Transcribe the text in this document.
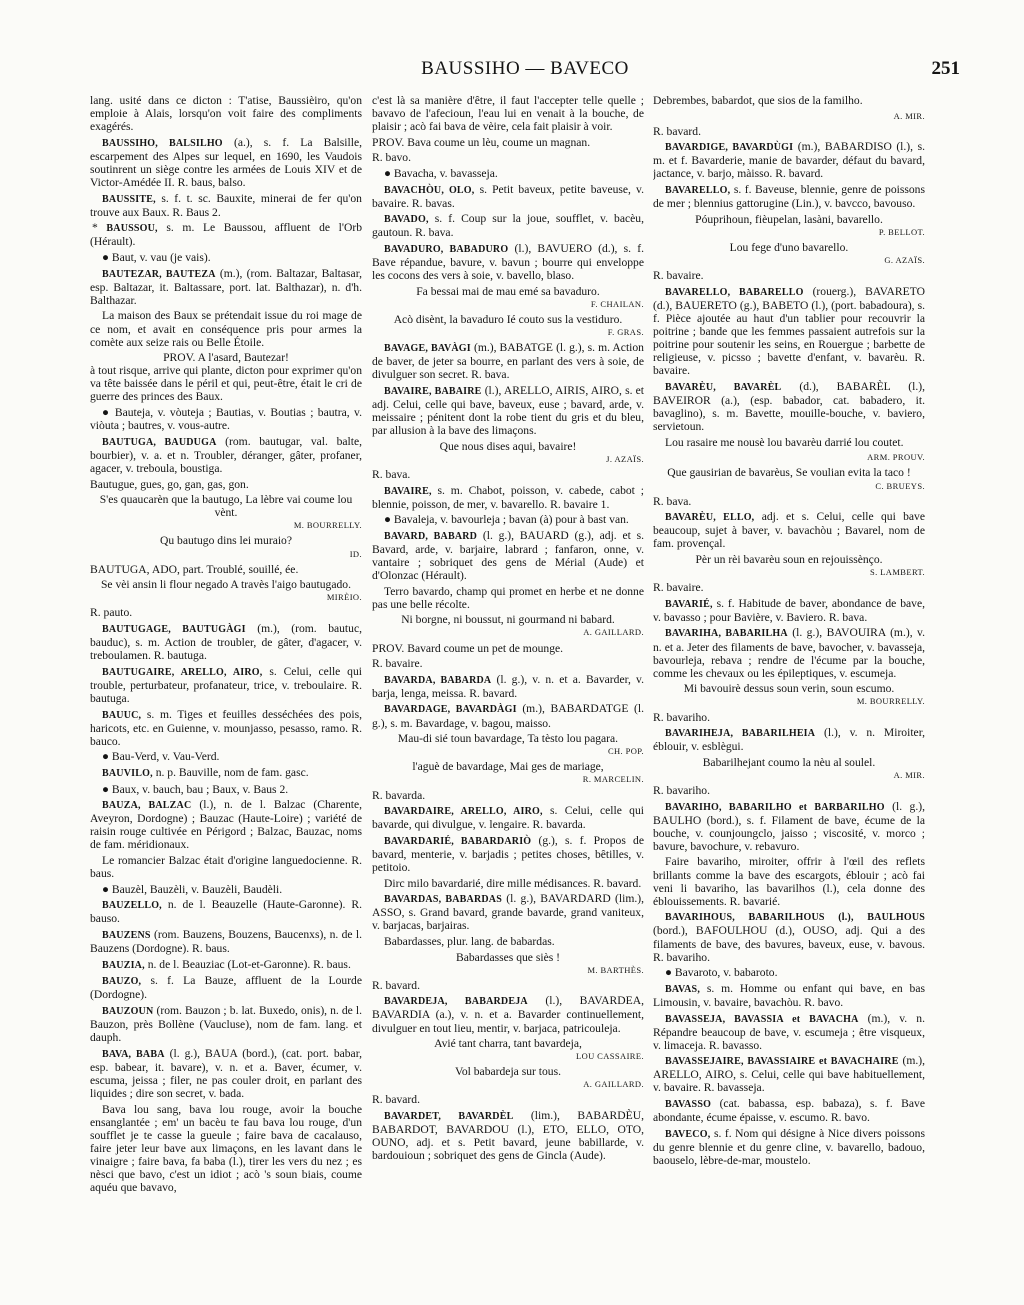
BAUSSIHO — BAVECO	251

lang. usité dans ce dicton : T'atise, Baussièiro, qu'on emploie à Alais, lorsqu'on voit faire des compliments exagérés.

BAUSSIHO, BALSILHO (a.), s. f. La Balsille, escarpement des Alpes sur lequel, en 1690, les Vaudois soutinrent un siège contre les armées de Louis XIV et de Victor-Amédée II. R. baus, balso.

BAUSSITE, s. f. t. sc. Bauxite, minerai de fer qu'on trouve aux Baux. R. Baus 2.

* BAUSSOU, s. m. Le Baussou, affluent de l'Orb (Hérault).

● Baut, v. vau (je vais).

BAUTEZAR, BAUTEZA (m.), (rom. Baltazar, Baltasar, esp. Baltazar, it. Baltassare, port. lat. Balthazar), n. d'h. Balthazar.

La maison des Baux se prétendait issue du roi mage de ce nom, et avait en conséquence pris pour armes la comète aux seize rais ou Belle Étoile.

PROV. A l'asard, Bautezar!

à tout risque, arrive qui plante, dicton pour exprimer qu'on va tête baissée dans le péril et qui, peut-être, était le cri de guerre des princes des Baux.

● Bauteja, v. vòuteja ; Bautias, v. Boutias ; bautra, v. viòuta ; bautres, v. vous-autre.

BAUTUGA, BAUDUGA (rom. bautugar, val. balte, bourbier), v. a. et n. Troubler, déranger, gâter, profaner, agacer, v. treboula, boustiga.

Bautugue, gues, go, gan, gas, gon.

S'es quaucarèn que la bautugo, La lèbre vai coume lou vènt.

M. BOURRELLY.

Qu bautugo dins lei muraio?

ID.

BAUTUGA, ADO, part. Troublé, souillé, ée.

Se vèi ansin li flour negado A travès l'aigo bautugado.

MIRÈIO.

R. pauto.

BAUTUGAGE, BAUTUGÀGI (m.), (rom. bautuc, bauduc), s. m. Action de troubler, de gâter, d'agacer, v. treboulamen. R. bautuga.

BAUTUGAIRE, ARELLO, AIRO, s. Celui, celle qui trouble, perturbateur, profanateur, trice, v. treboulaire. R. bautuga.

BAUUC, s. m. Tiges et feuilles desséchées des pois, haricots, etc. en Guienne, v. mounjasso, pesasso, ramo. R. bauco.

● Bau-Verd, v. Vau-Verd.

BAUVILO, n. p. Bauville, nom de fam. gasc.

● Baux, v. bauch, bau ; Baux, v. Baus 2.

BAUZA, BALZAC (l.), n. de l. Balzac (Charente, Aveyron, Dordogne) ; Bauzac (Haute-Loire) ; variété de raisin rouge cultivée en Périgord ; Balzac, Bauzac, noms de fam. méridionaux.

Le romancier Balzac était d'origine languedocienne. R. baus.

● Bauzèl, Bauzèli, v. Bauzèli, Baudèli.

BAUZELLO, n. de l. Beauzelle (Haute-Garonne). R. bauso.

BAUZENS (rom. Bauzens, Bouzens, Baucenxs), n. de l. Bauzens (Dordogne). R. baus.

BAUZIA, n. de l. Beauziac (Lot-et-Garonne). R. baus.

BAUZO, s. f. La Bauze, affluent de la Lourde (Dordogne).

BAUZOUN (rom. Bauzon ; b. lat. Buxedo, onis), n. de l. Bauzon, près Bollène (Vaucluse), nom de fam. lang. et dauph.

BAVA, BABA (l. g.), BAUA (bord.), (cat. port. babar, esp. babear, it. bavare), v. n. et a. Baver, écumer, v. escuma, jeissa ; filer, ne pas couler droit, en parlant des liquides ; dire son secret, v. bada.

Bava lou sang, bava lou rouge, avoir la bouche ensanglantée ; em' un bacèu te fau bava lou rouge, d'un soufflet je te casse la gueule ; faire bava de cacalauso, faire jeter leur bave aux limaçons, en les lavant dans le vinaigre ; faire bava, fa baba (l.), tirer les vers du nez ; es nèsci que bavo, c'est un idiot ; acò 's soun biais, coume aquéu que bavavo,

c'est là sa manière d'être, il faut l'accepter telle quelle ; bavavo de l'afecioun, l'eau lui en venait à la bouche, de plaisir ; acò fai bava de vèire, cela fait plaisir à voir.

PROV. Bava coume un lèu, coume un magnan.

R. bavo.

● Bavacha, v. bavasseja.

BAVACHÒU, OLO, s. Petit baveux, petite baveuse, v. bavaire. R. bavas.

BAVADO, s. f. Coup sur la joue, soufflet, v. bacèu, gautoun. R. bava.

BAVADURO, BABADURO (l.), BAVUERO (d.), s. f. Bave répandue, bavure, v. bavun ; bourre qui enveloppe les cocons des vers à soie, v. bavello, blaso.

Fa bessai mai de mau emé sa bavaduro.

F. CHAILAN.

Acò disènt, la bavaduro Ié couto sus la vestiduro.

F. GRAS.

BAVAGE, BAVÀGI (m.), BABATGE (l. g.), s. m. Action de baver, de jeter sa bourre, en parlant des vers à soie, de divulguer son secret. R. bava.

BAVAIRE, BABAIRE (l.), ARELLO, AIRIS, AIRO, s. et adj. Celui, celle qui bave, baveux, euse ; bavard, arde, v. meissaire ; pénitent dont la robe tient du gris et du bleu, par allusion à la bave des limaçons.

Que nous dises aqui, bavaire!

J. AZAÏS.

R. bava.

BAVAIRE, s. m. Chabot, poisson, v. cabede, cabot ; blennie, poisson, de mer, v. bavarello. R. bavaire 1.

● Bavaleja, v. bavourleja ; bavan (à) pour à bast van.

BAVARD, BABARD (l. g.), BAUARD (g.), adj. et s. Bavard, arde, v. barjaire, labrard ; fanfaron, onne, v. vantaire ; sobriquet des gens de Mérial (Aude) et d'Olonzac (Hérault).

Terro bavardo, champ qui promet en herbe et ne donne pas une belle récolte.

Ni borgne, ni boussut, ni gourmand ni babard.

A. GAILLARD.

PROV. Bavard coume un pet de mounge.

R. bavaire.

BAVARDA, BABARDA (l. g.), v. n. et a. Bavarder, v. barja, lenga, meissa. R. bavard.

BAVARDAGE, BAVARDÀGI (m.), BABARDATGE (l. g.), s. m. Bavardage, v. bagou, maisso.

Mau-di sié toun bavardage, Ta tèsto lou pagara.

CH. POP.

l'aguè de bavardage, Mai ges de mariage,

R. MARCELIN.

R. bavarda.

BAVARDAIRE, ARELLO, AIRO, s. Celui, celle qui bavarde, qui divulgue, v. lengaire. R. bavarda.

BAVARDARIÉ, BABARDARIÒ (g.), s. f. Propos de bavard, menterie, v. barjadis ; petites choses, bêtilles, v. petitoio.

Dirc milo bavardarié, dire mille médisances. R. bavard.

BAVARDAS, BABARDAS (l. g.), BAVARDARD (lim.), ASSO, s. Grand bavard, grande bavarde, grand vaniteux, v. barjacas, barjairas.

Babardasses, plur. lang. de babardas.

Babardasses que siès !

M. BARTHÈS.

R. bavard.

BAVARDEJA, BABARDEJA (l.), BAVARDEA, BAVARDIA (a.), v. n. et a. Bavarder continuellement, divulguer en tout lieu, mentir, v. barjaca, patricouleja.

Avié tant charra, tant bavardeja,

LOU CASSAIRE.

Vol babardeja sur tous.

A. GAILLARD.

R. bavard.

BAVARDET, BAVARDÈL (lim.), BABARDÈU, BABARDOT, BAVARDOU (l.), ETO, ELLO, OTO, OUNO, adj. et s. Petit bavard, jeune babillarde, v. bardouioun ; sobriquet des gens de Gincla (Aude).

Debrembes, babardot, que sios de la familho.

A. MIR.

R. bavard.

BAVARDIGE, BAVARDÙGI (m.), BABARDISO (l.), s. m. et f. Bavarderie, manie de bavarder, défaut du bavard, jactance, v. barjo, màisso. R. bavard.

BAVARELLO, s. f. Baveuse, blennie, genre de poissons de mer ; blennius gattorugine (Lin.), v. bavcco, bavouso.

Póuprihoun, fièupelan, lasàni, bavarello.

P. BELLOT.

Lou fege d'uno bavarello.

G. AZAÏS.

R. bavaire.

BAVARELLO, BABARELLO (rouerg.), BAVARETO (d.), BAUERETO (g.), BABETO (l.), (port. babadoura), s. f. Pièce ajoutée au haut d'un tablier pour recouvrir la poitrine ; bande que les femmes passaient autrefois sur la poitrine pour soutenir les seins, en Rouergue ; barbette de religieuse, v. picsso ; bavette d'enfant, v. bavarèu. R. bavaire.

BAVARÈU, BAVARÈL (d.), BABARÈL (l.), BAVEIROR (a.), (esp. babador, cat. babadero, it. bavaglino), s. m. Bavette, mouille-bouche, v. baviero, servietoun.

Lou rasaire me nousè lou bavarèu darrié lou coutet.

ARM. PROUV.

Que gausirian de bavarèus, Se voulian evita la taco !

C. BRUEYS.

R. bava.

BAVARÈU, ELLO, adj. et s. Celui, celle qui bave beaucoup, sujet à baver, v. bavachòu ; Bavarel, nom de fam. provençal.

Pèr un rèi bavarèu soun en rejouissènço.

S. LAMBERT.

R. bavaire.

BAVARIÉ, s. f. Habitude de baver, abondance de bave, v. bavasso ; pour Bavière, v. Baviero. R. bava.

BAVARIHA, BABARILHA (l. g.), BAVOUIRA (m.), v. n. et a. Jeter des filaments de bave, bavocher, v. bavasseja, bavourleja, rebava ; rendre de l'écume par la bouche, comme les chevaux ou les épileptiques, v. escumeja.

Mi bavouirè dessus soun verin, soun escumo.

M. BOURRELLY.

R. bavariho.

BAVARIHEJA, BABARILHEIA (l.), v. n. Miroiter, éblouir, v. esblègui.

Babarilhejant coumo la nèu al soulel.

A. MIR.

R. bavariho.

BAVARIHO, BABARILHO et BARBARILHO (l. g.), BAULHO (bord.), s. f. Filament de bave, écume de la bouche, v. counjoungclo, jaisso ; viscosité, v. morco ; bavure, bavochure, v. rebavuro.

Faire bavariho, miroiter, offrir à l'œil des reflets brillants comme la bave des escargots, éblouir ; acò fai veni li bavariho, las bavarilhos (l.), cela donne des éblouissements. R. bavarié.

BAVARIHOUS, BABARILHOUS (l.), BAULHOUS (bord.), BAFOULHOU (d.), OUSO, adj. Qui a des filaments de bave, des bavures, baveux, euse, v. bavous. R. bavariho.

● Bavaroto, v. babaroto.

BAVAS, s. m. Homme ou enfant qui bave, en bas Limousin, v. bavaire, bavachòu. R. bavo.

BAVASSEJA, BAVASSIA et BAVACHA (m.), v. n. Répandre beaucoup de bave, v. escumeja ; être visqueux, v. limaceja. R. bavasso.

BAVASSEJAIRE, BAVASSIAIRE et BAVACHAIRE (m.), ARELLO, AIRO, s. Celui, celle qui bave habituellement, v. bavaire. R. bavasseja.

BAVASSO (cat. babassa, esp. babaza), s. f. Bave abondante, écume épaisse, v. escumo. R. bavo.

BAVECO, s. f. Nom qui désigne à Nice divers poissons du genre blennie et du genre cline, v. bavarello, badouo, baouselo, lèbre-de-mar, moustelo.
